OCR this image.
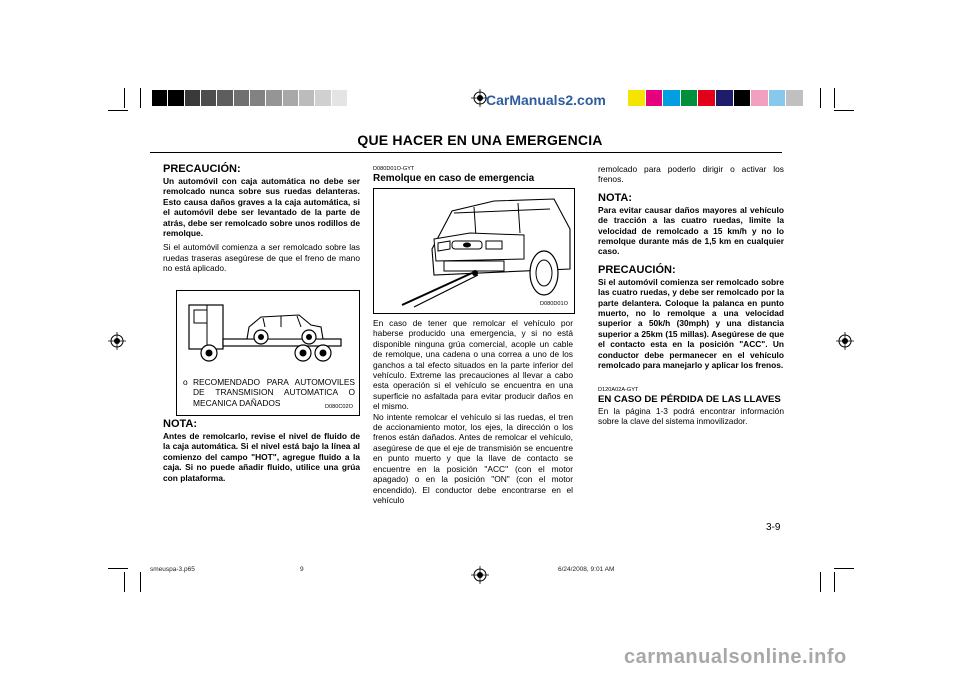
CarManuals2.com
QUE HACER EN UNA EMERGENCIA
PRECAUCIÓN:
Un automóvil con caja automática no debe ser remolcado nunca sobre sus ruedas delanteras. Esto causa daños graves a la caja automática, si el automóvil debe ser levantado de la parte de atrás, debe ser remolcado sobre unos rodillos de remolque.
Si el automóvil comienza a ser remolcado sobre las ruedas traseras asegúrese de que el freno de mano no está aplicado.
o RECOMENDADO PARA AUTOMOVILES DE TRANSMISION AUTOMATICA O MECANICA DAÑADOS	D080C02O
NOTA:
Antes de remolcarlo, revise el nivel de fluido de la caja automática. Si el nivel está bajo la línea al comienzo del campo "HOT", agregue fluido a la caja. Si no puede añadir fluido, utilice una grúa con plataforma.
D080D01O-GYT
Remolque en caso de emergencia
D080D01O
En caso de tener que remolcar el vehículo por haberse producido una emergencia, y si no está disponible ninguna grúa comercial, acople un cable de remolque, una cadena o una correa a uno de los ganchos a tal efecto situados en la parte inferior del vehículo. Extreme las precauciones al llevar a cabo esta operación si el vehículo se encuentra en una superficie no asfaltada para evitar producir daños en el mismo.
No intente remolcar el vehículo si las ruedas, el tren de accionamiento motor, los ejes, la dirección o los frenos están dañados. Antes de remolcar el vehículo, asegúrese de que el eje de transmisión se encuentre en punto muerto y que la llave de contacto se encuentre en la posición "ACC" (con el motor apagado) o en la posición "ON" (con el motor encendido). El conductor debe encontrarse en el vehículo
remolcado para poderlo dirigir o activar los frenos.
NOTA:
Para evitar causar daños mayores al vehículo de tracción a las cuatro ruedas, limite la velocidad de remolcado a 15 km/h y no lo remolque durante más de 1,5 km en cualquier caso.
PRECAUCIÓN:
Si el automóvil comienza ser remolcado sobre las cuatro ruedas, y debe ser remolcado por la parte delantera. Coloque la palanca en punto muerto, no lo remolque a una velocidad superior a 50k/h (30mph) y una distancia superior a 25km (15 millas). Asegúrese de que el contacto esta en la posición "ACC". Un conductor debe permanecer en el vehículo remolcado para manejarlo y aplicar los frenos.
D120A02A-GYT
EN CASO DE PÉRDIDA DE LAS LLAVES
En la página 1-3 podrá encontrar información sobre la clave del sistema inmovilizador.
3-9
smeuspa-3.p65	9	6/24/2008, 9:01 AM
carmanualsonline.info
